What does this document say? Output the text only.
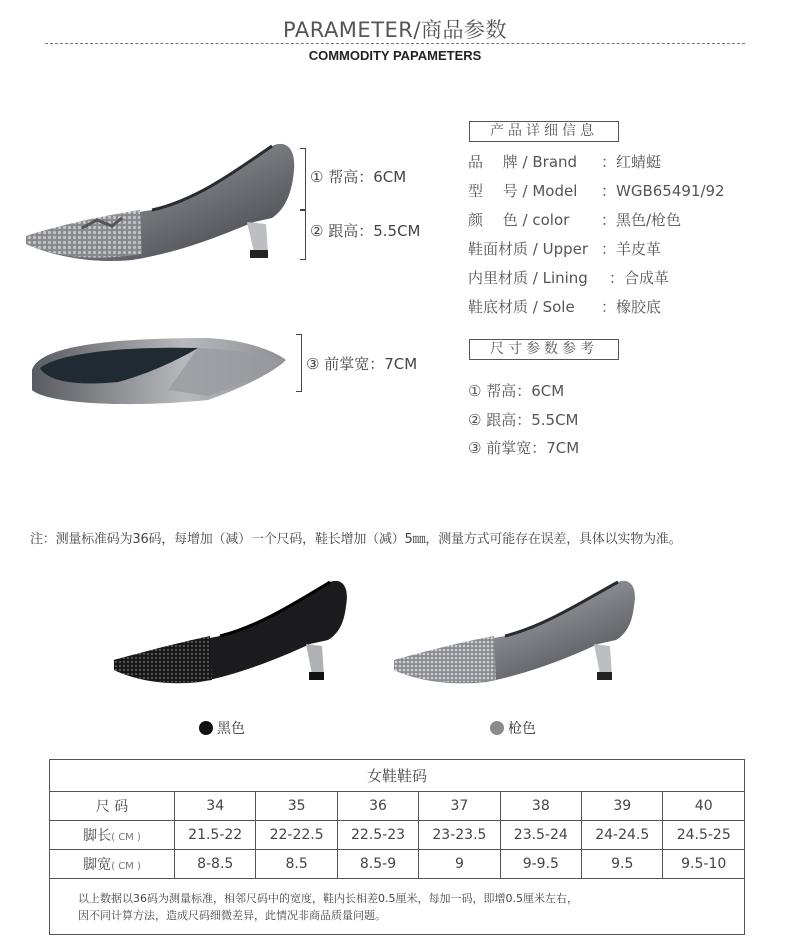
PARAMETER/商品参数
COMMODITY PAPAMETERS
① 帮高：6CM
② 跟高：5.5CM
③ 前掌宽：7CM
产品详细信息
品　 牌 / Brand ：红蜻蜓
型　 号 / Model ：WGB65491/92
颜　 色 / color ：黑色/枪色
鞋面材质 / Upper ：羊皮革
内里材质 / Lining ：合成革
鞋底材质 / Sole ：橡胶底
尺寸参数参考
① 帮高：6CM
② 跟高：5.5CM
③ 前掌宽：7CM
注：测量标准码为36码，每增加（减）一个尺码，鞋长增加（减）5㎜，测量方式可能存在误差，具体以实物为准。
黑色	枪色
女鞋鞋码							
尺 码	34	35	36	37	38	39	40
脚长( CM )	21.5-22	22-22.5	22.5-23	23-23.5	23.5-24	24-24.5	24.5-25
脚宽( CM )	8-8.5	8.5	8.5-9	9	9-9.5	9.5	9.5-10

以上数据以36码为测量标准，相邻尺码中的宽度，鞋内长相差0.5厘米，每加一码，即增0.5厘米左右，
因不同计算方法，造成尺码细微差异，此情况非商品质量问题。							
